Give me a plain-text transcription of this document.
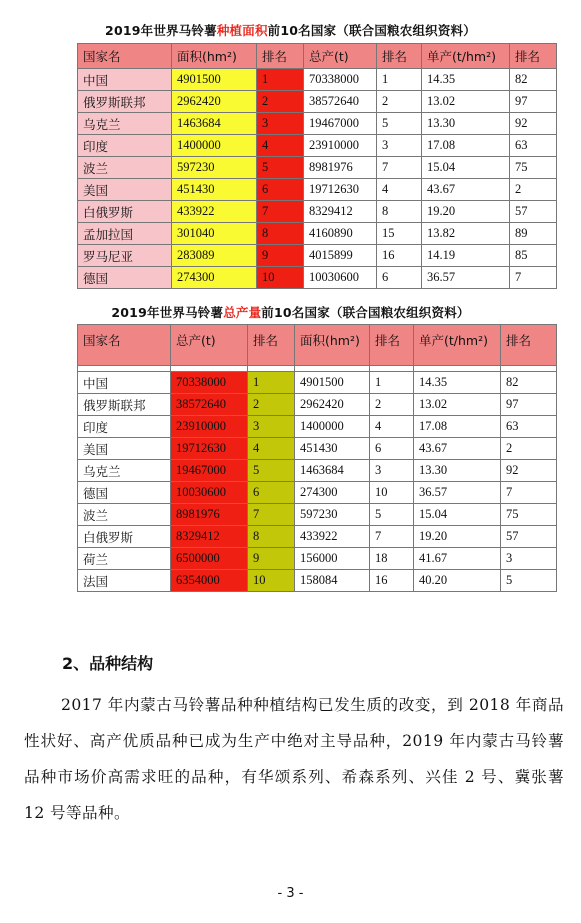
2019年世界马铃薯种植面积前10名国家（联合国粮农组织资料）
国家名	面积(hm²)	排名	总产(t)	排名	单产(t/hm²)	排名
中国	4901500	1	70338000	1	14.35	82
俄罗斯联邦	2962420	2	38572640	2	13.02	97
乌克兰	1463684	3	19467000	5	13.30	92
印度	1400000	4	23910000	3	17.08	63
波兰	597230	5	8981976	7	15.04	75
美国	451430	6	19712630	4	43.67	2
白俄罗斯	433922	7	8329412	8	19.20	57
孟加拉国	301040	8	4160890	15	13.82	89
罗马尼亚	283089	9	4015899	16	14.19	85
德国	274300	10	10030600	6	36.57	7
2019年世界马铃薯总产量前10名国家（联合国粮农组织资料）
国家名	总产(t)	排名	面积(hm²)	排名	单产(t/hm²)	排名

中国	70338000	1	4901500	1	14.35	82
俄罗斯联邦	38572640	2	2962420	2	13.02	97
印度	23910000	3	1400000	4	17.08	63
美国	19712630	4	451430	6	43.67	2
乌克兰	19467000	5	1463684	3	13.30	92
德国	10030600	6	274300	10	36.57	7
波兰	8981976	7	597230	5	15.04	75
白俄罗斯	8329412	8	433922	7	19.20	57
荷兰	6500000	9	156000	18	41.67	3
法国	6354000	10	158084	16	40.20	5
2、品种结构
2017 年内蒙古马铃薯品种种植结构已发生质的改变，到 2018 年商品性状好、高产优质品种已成为生产中绝对主导品种，2019 年内蒙古马铃薯品种市场价高需求旺的品种，有华颂系列、希森系列、兴佳 2 号、冀张薯 12 号等品种。
- 3 -
